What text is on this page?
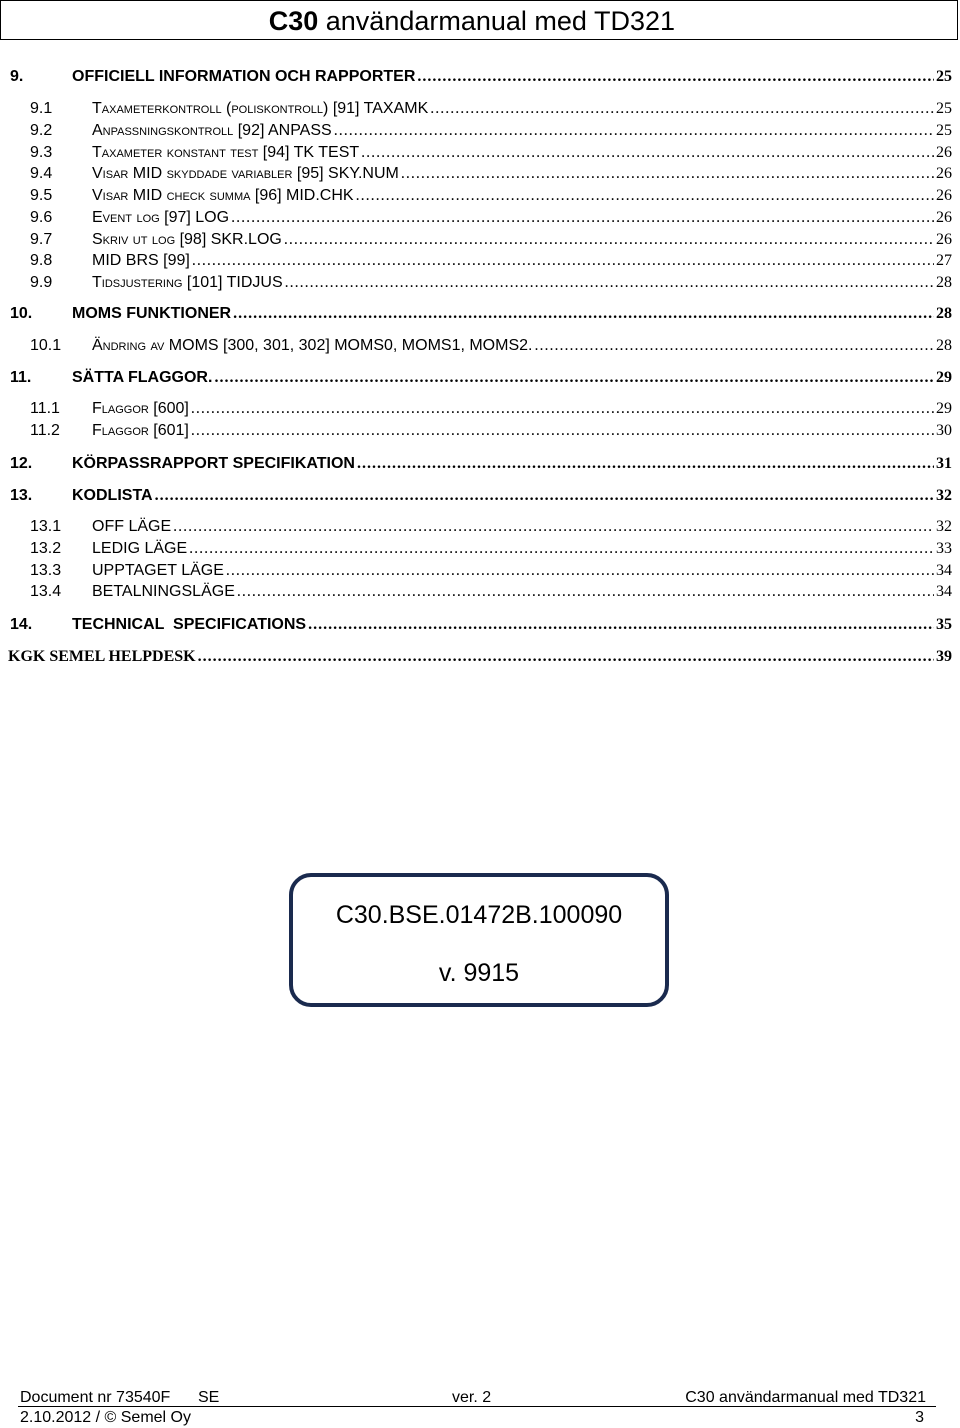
C30 användarmanual med TD321
9.	OFFICIELL INFORMATION OCH RAPPORTER .....	25
9.1	Taxameterkontroll (poliskontroll) [91] TAXAMK .....	25
9.2	Anpassningskontroll [92] ANPASS .....	25
9.3	Taxameter konstant test [94] TK TEST .....	26
9.4	Visar MID skyddade variabler [95] SKY.NUM .....	26
9.5	Visar MID check summa [96] MID.CHK .....	26
9.6	Event log [97] LOG .....	26
9.7	Skriv ut log [98] SKR.LOG .....	26
9.8	MID BRS [99] .....	27
9.9	Tidsjustering [101] TIDJUS .....	28
10.	MOMS FUNKTIONER .....	28
10.1	Ändring av MOMS [300, 301, 302] MOMS0, MOMS1, MOMS2. .....	28
11.	SÄTTA FLAGGOR. .....	29
11.1	Flaggor [600] .....	29
11.2	Flaggor [601] .....	30
12.	KÖRPASSRAPPORT SPECIFIKATION .....	31
13.	KODLISTA .....	32
13.1	OFF LÄGE .....	32
13.2	LEDIG LÄGE .....	33
13.3	UPPTAGET LÄGE .....	34
13.4	BETALNINGSLÄGE .....	34
14.	TECHNICAL  SPECIFICATIONS .....	35
KGK SEMEL HELPDESK .....	39
C30.BSE.01472B.100090
v. 9915
Document nr 73540F SE	ver. 2	C30 användarmanual med TD321
2.10.2012 / © Semel Oy	3
